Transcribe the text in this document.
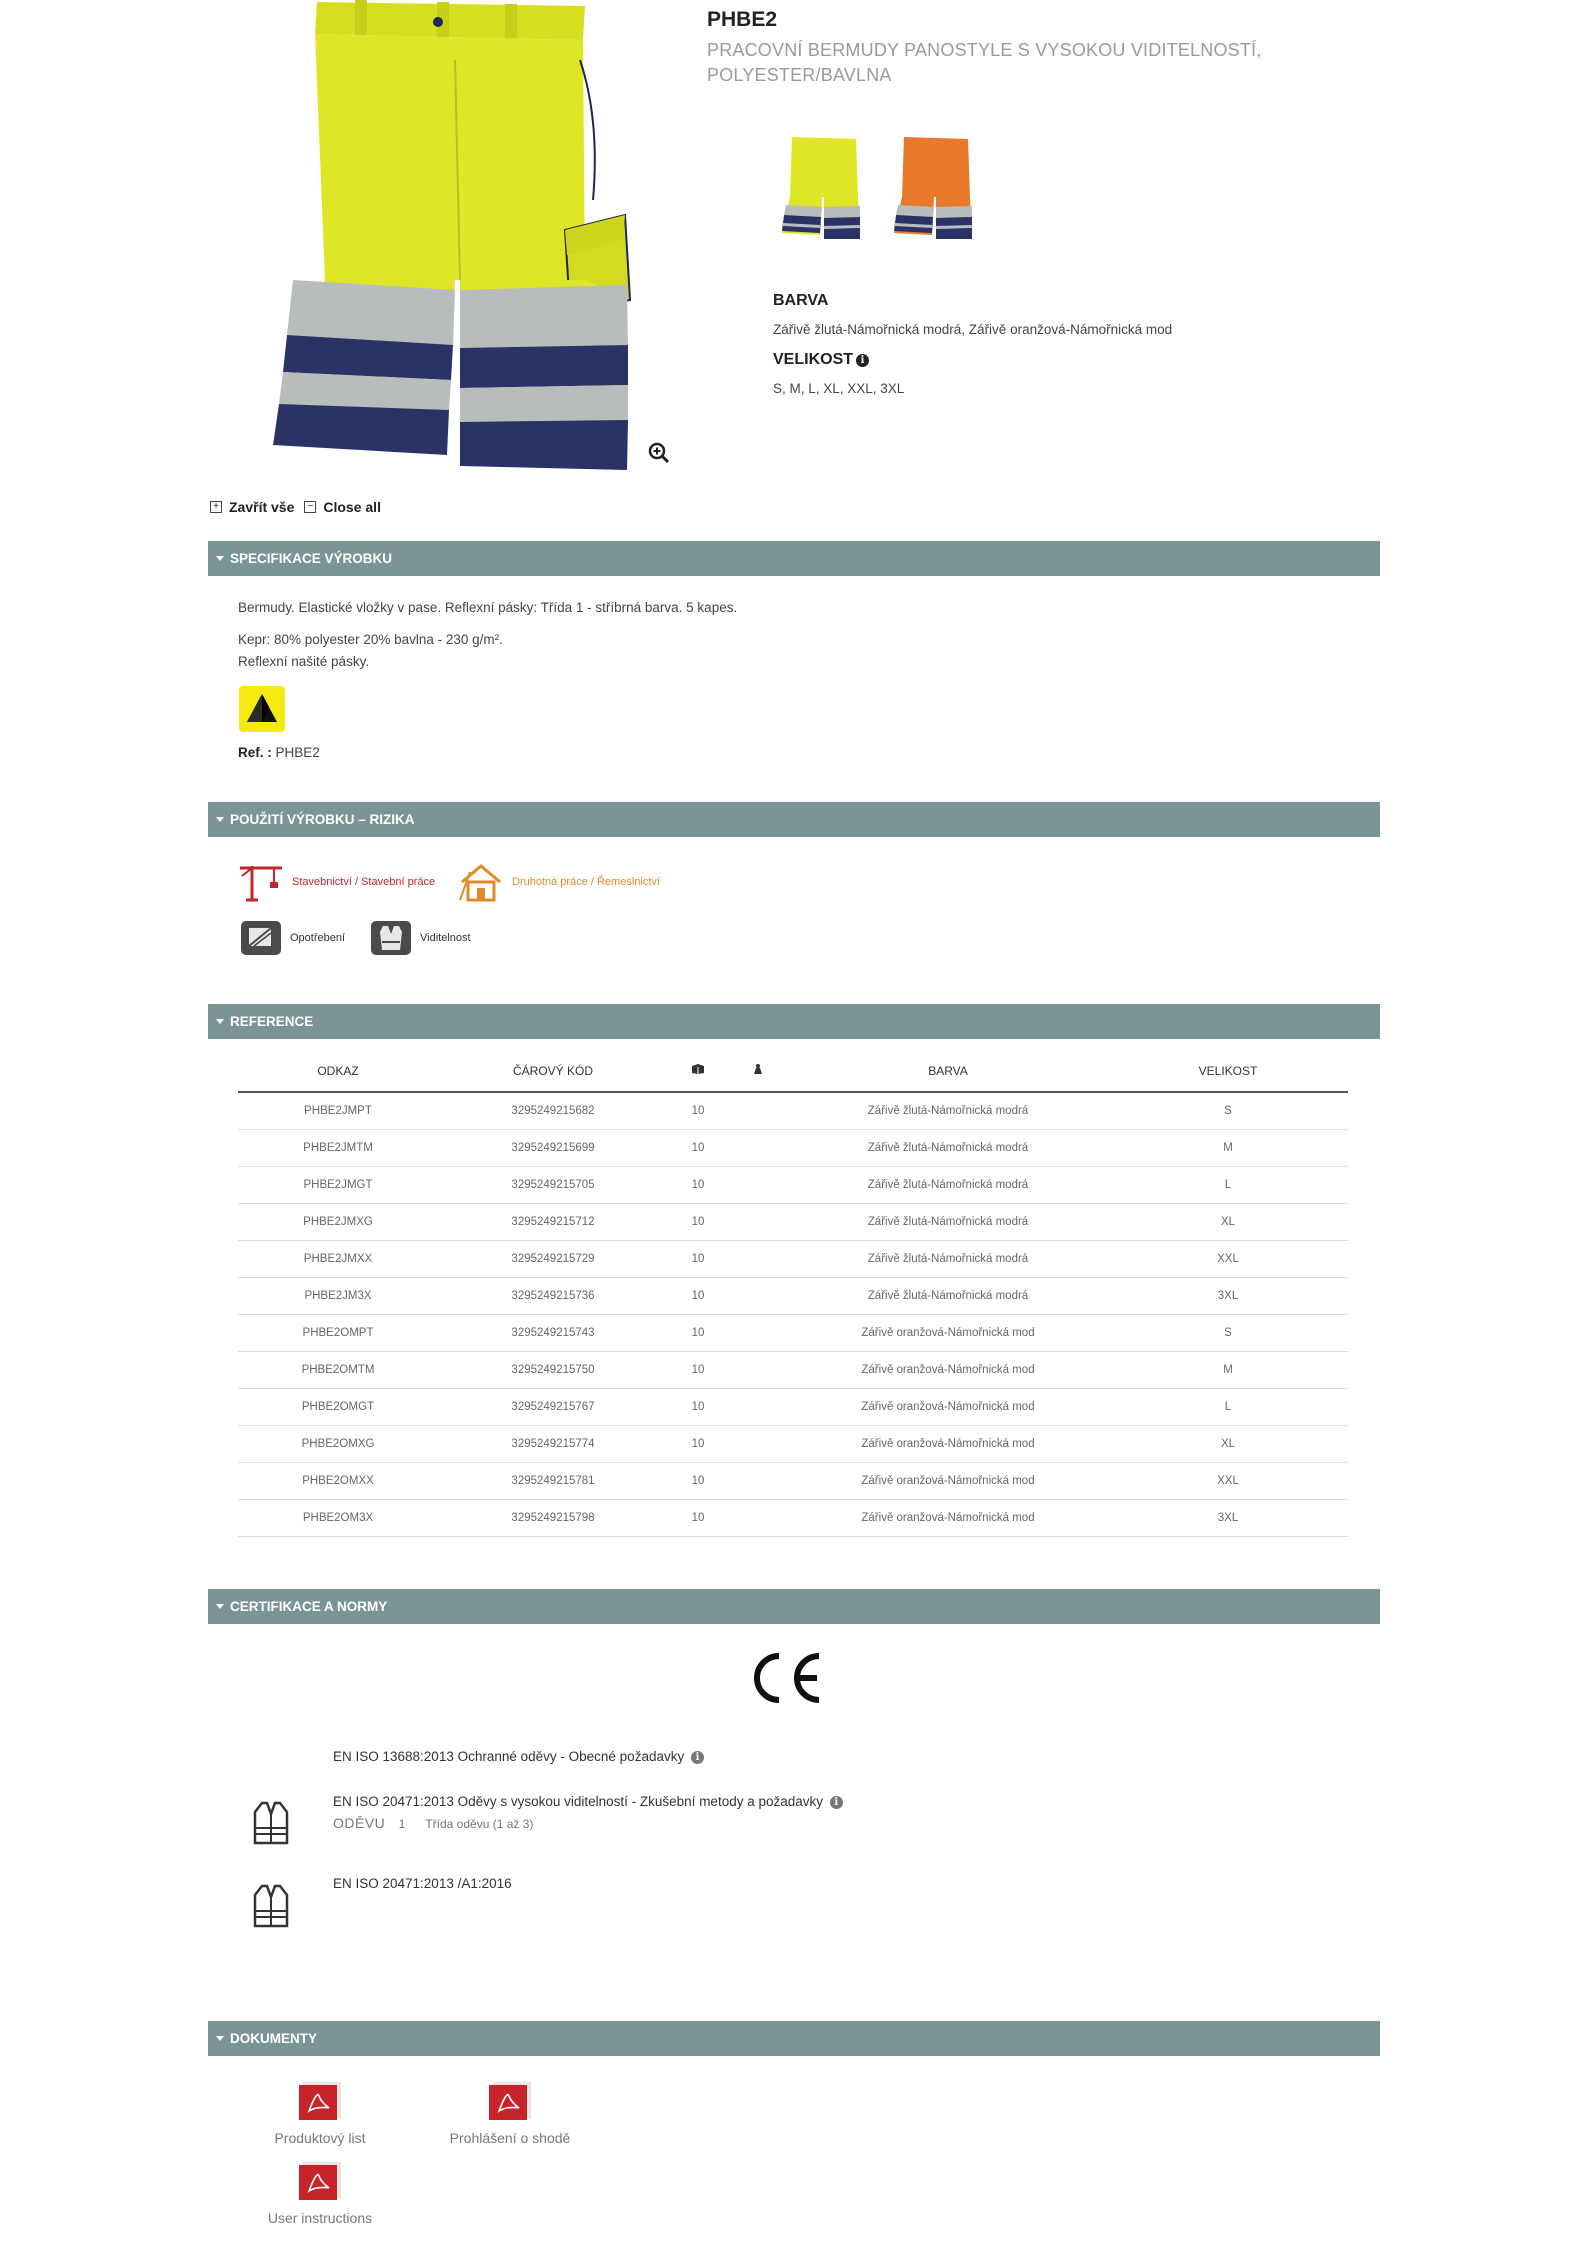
PHBE2
PRACOVNÍ BERMUDY PANOSTYLE S VYSOKOU VIDITELNOSTÍ, POLYESTER/BAVLNA
BARVA
Zářivě žlutá-Námořnická modrá, Zářivě oranžová-Námořnická mod
VELIKOST i
S, M, L, XL, XXL, 3XL
+ Zavřít vše	− Close all
SPECIFIKACE VÝROBKU
Bermudy. Elastické vložky v pase. Reflexní pásky: Třída 1 - stříbrná barva. 5 kapes.
Kepr: 80% polyester 20% bavlna - 230 g/m².
Reflexní našité pásky.
Ref. : PHBE2
POUŽITÍ VÝROBKU – RIZIKA
Stavebnictví / Stavební práce	Druhotná práce / Řemeslnictví
Opotřebení	Viditelnost
REFERENCE
ODKAZ	ČÁROVÝ KÓD			BARVA	VELIKOST
PHBE2JMPT	3295249215682	10		Zářivě žlutá-Námořnická modrá	S
PHBE2JMTM	3295249215699	10		Zářivě žlutá-Námořnická modrá	M
PHBE2JMGT	3295249215705	10		Zářivě žlutá-Námořnická modrá	L
PHBE2JMXG	3295249215712	10		Zářivě žlutá-Námořnická modrá	XL
PHBE2JMXX	3295249215729	10		Zářivě žlutá-Námořnická modrá	XXL
PHBE2JM3X	3295249215736	10		Zářivě žlutá-Námořnická modrá	3XL
PHBE2OMPT	3295249215743	10		Zářivě oranžová-Námořnická mod	S
PHBE2OMTM	3295249215750	10		Zářivě oranžová-Námořnická mod	M
PHBE2OMGT	3295249215767	10		Zářivě oranžová-Námořnická mod	L
PHBE2OMXG	3295249215774	10		Zářivě oranžová-Námořnická mod	XL
PHBE2OMXX	3295249215781	10		Zářivě oranžová-Námořnická mod	XXL
PHBE2OM3X	3295249215798	10		Zářivě oranžová-Námořnická mod	3XL
CERTIFIKACE A NORMY
EN ISO 13688:2013 Ochranné oděvy - Obecné požadavky i
EN ISO 20471:2013 Oděvy s vysokou viditelností - Zkušební metody a požadavky i
ODĚVU 1 Třída oděvu (1 až 3)
EN ISO 20471:2013 /A1:2016
DOKUMENTY
Produktový list	Prohlášení o shodě
User instructions
